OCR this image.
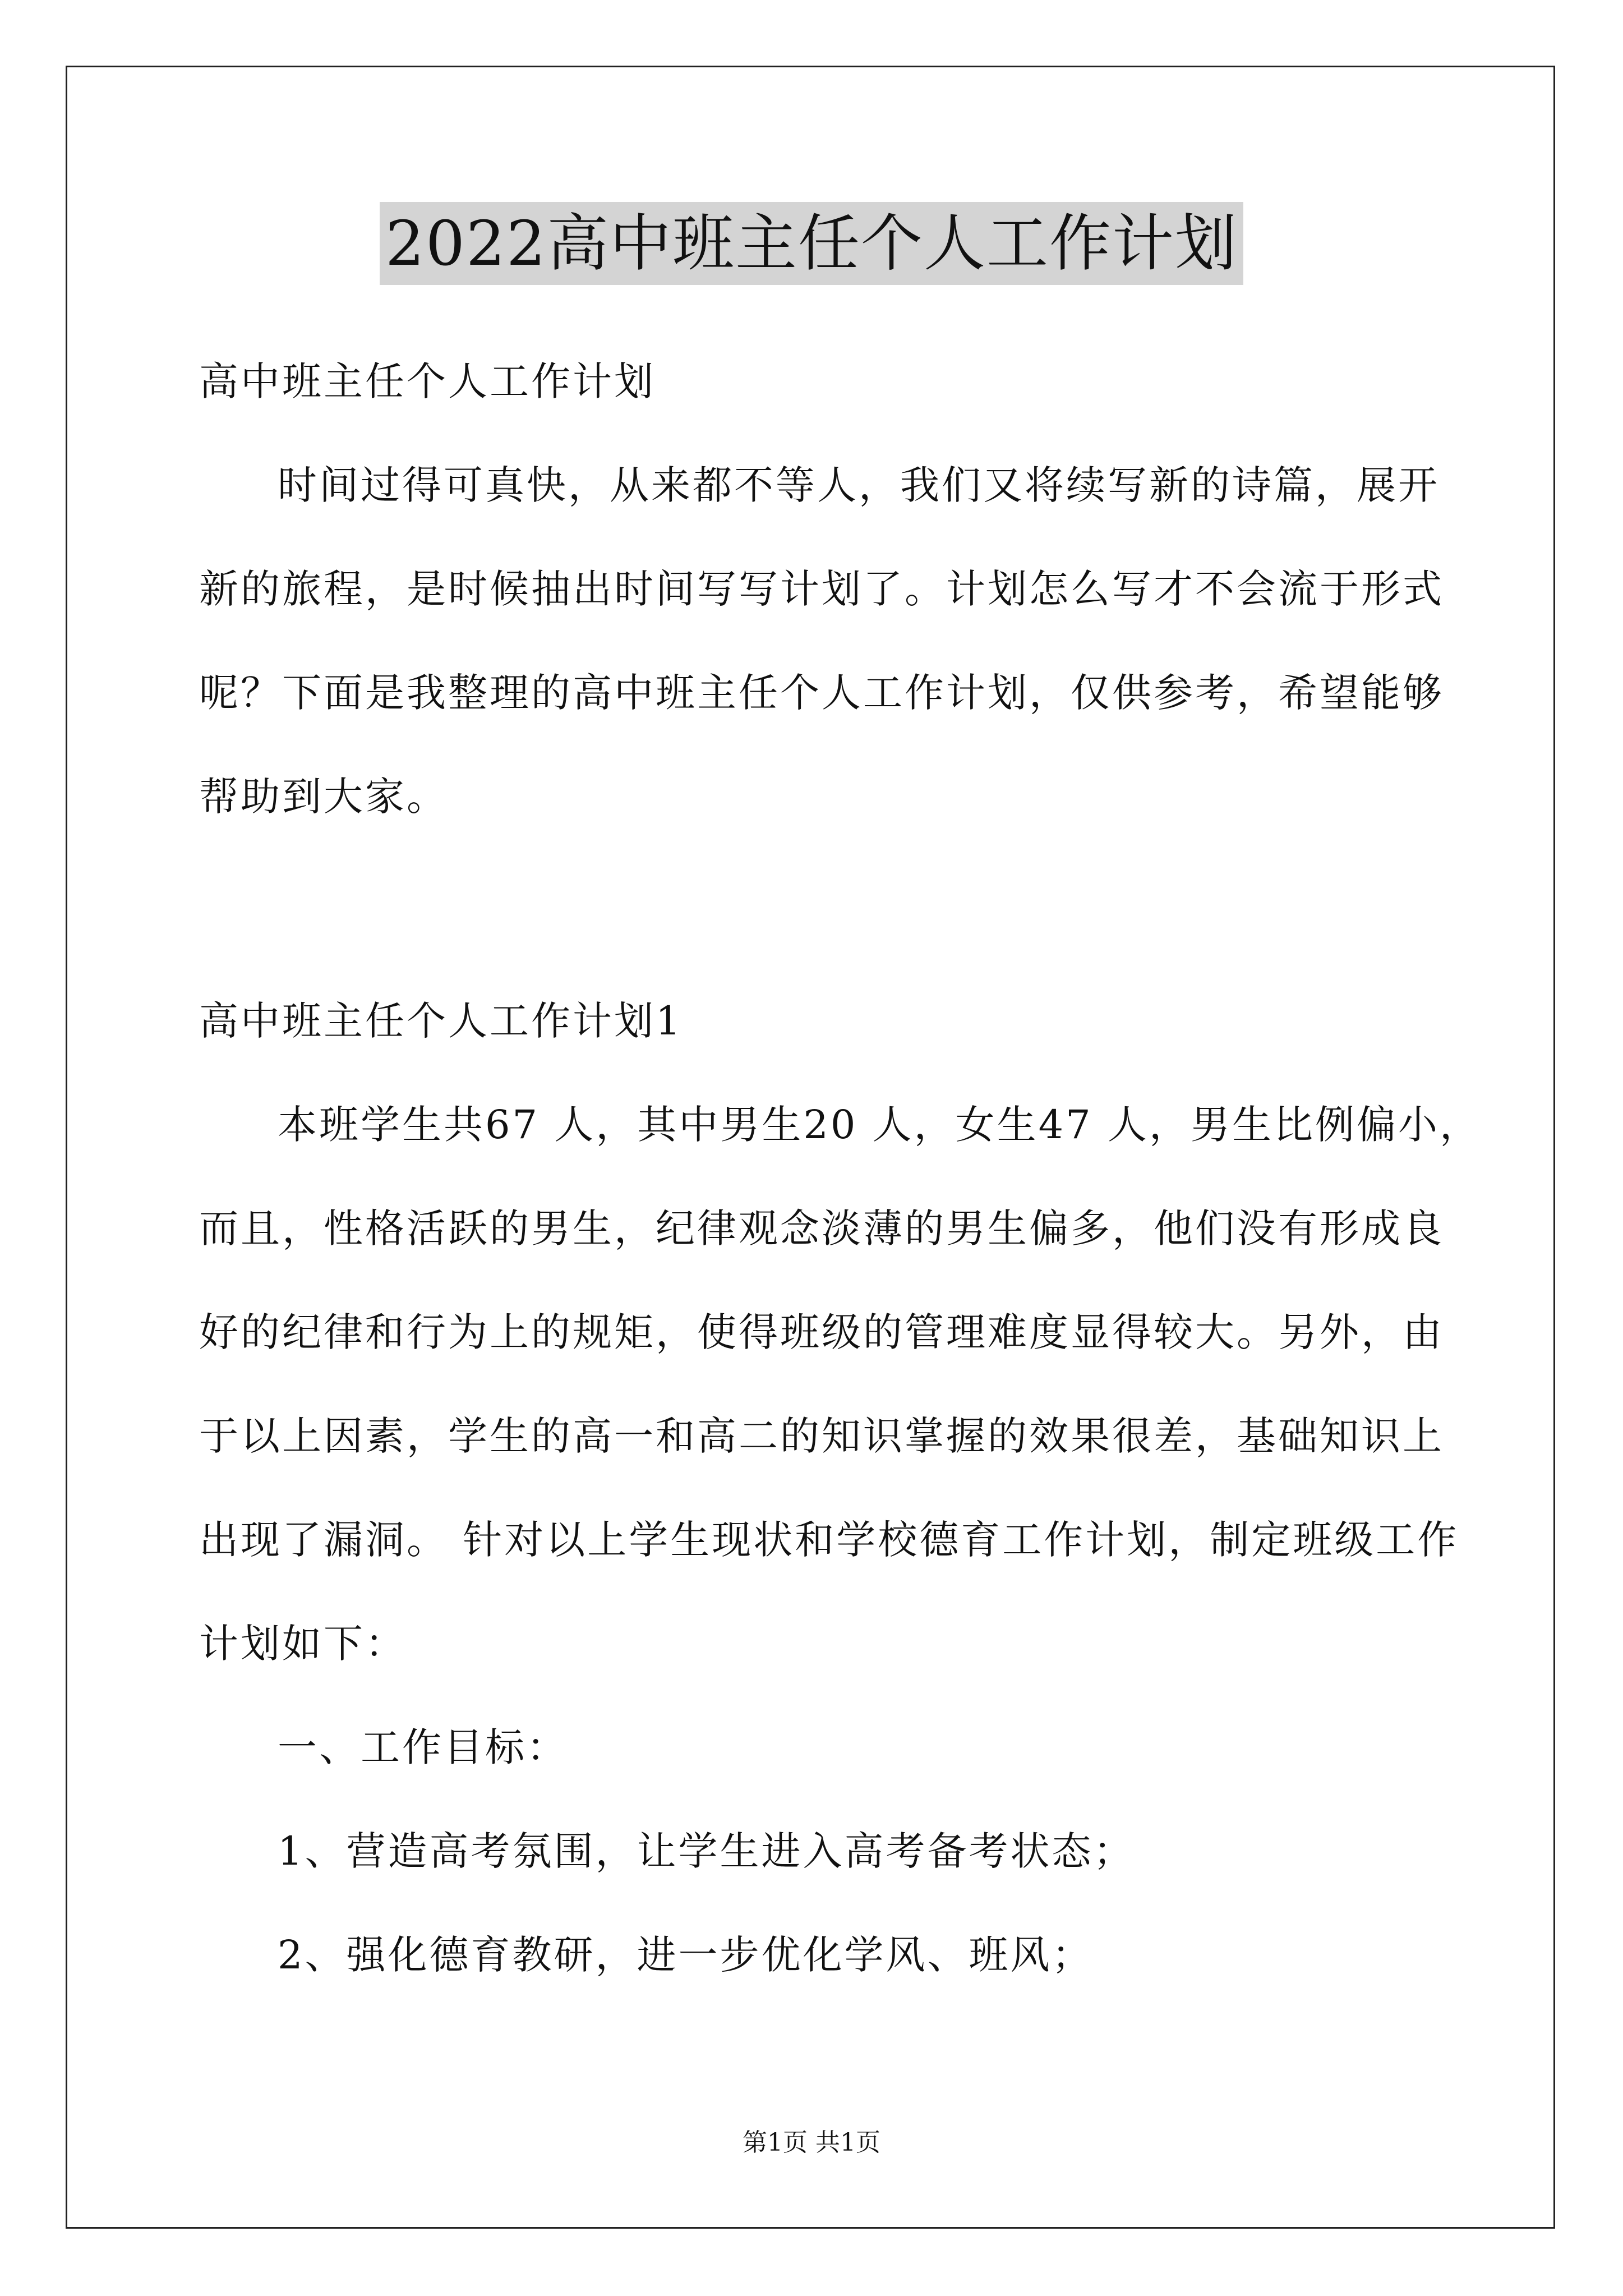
2022高中班主任个人工作计划

高中班主任个人工作计划

时间过得可真快，从来都不等人，我们又将续写新的诗篇，展开

新的旅程，是时候抽出时间写写计划了。计划怎么写才不会流于形式

呢？下面是我整理的高中班主任个人工作计划，仅供参考，希望能够

帮助到大家。

高中班主任个人工作计划1

本班学生共67 人，其中男生20 人，女生47 人，男生比例偏小，

而且，性格活跃的男生，纪律观念淡薄的男生偏多，他们没有形成良

好的纪律和行为上的规矩，使得班级的管理难度显得较大。另外，由

于以上因素，学生的高一和高二的知识掌握的效果很差，基础知识上

出现了漏洞。 针对以上学生现状和学校德育工作计划，制定班级工作

计划如下：

一、工作目标：

1、营造高考氛围，让学生进入高考备考状态；

2、强化德育教研，进一步优化学风、班风；

第1页 共1页
